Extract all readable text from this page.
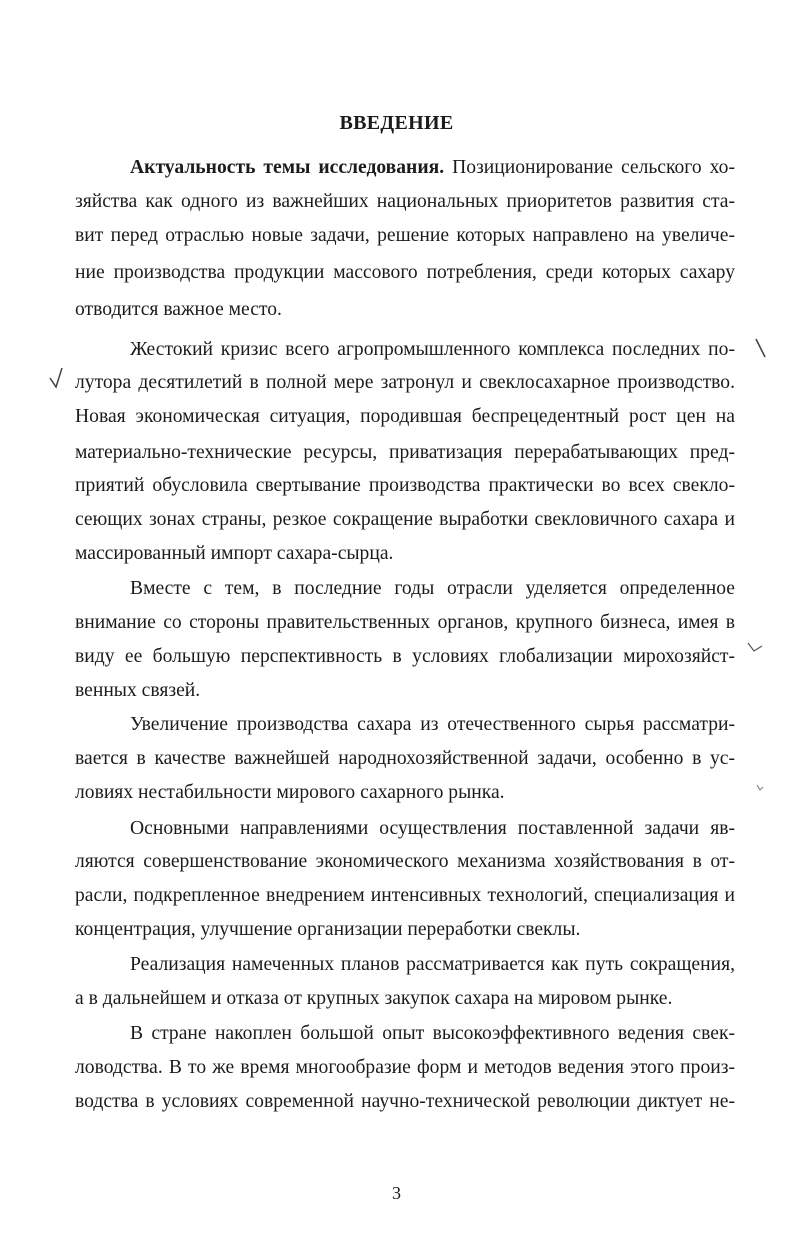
ВВЕДЕНИЕ
Актуальность темы исследования. Позиционирование сельского хо-
зяйства как одного из важнейших национальных приоритетов развития ста-
вит перед отраслью новые задачи, решение которых направлено на увеличе-
ние производства продукции массового потребления, среди которых сахару
отводится важное место.
Жестокий кризис всего агропромышленного комплекса последних по-
лутора десятилетий в полной мере затронул и свеклосахарное производство.
Новая экономическая ситуация, породившая беспрецедентный рост цен на
материально-технические ресурсы, приватизация перерабатывающих пред-
приятий обусловила свертывание производства практически во всех свекло-
сеющих зонах страны, резкое сокращение выработки свекловичного сахара и
массированный импорт сахара-сырца.
Вместе с тем, в последние годы отрасли уделяется определенное
внимание со стороны правительственных органов, крупного бизнеса, имея в
виду ее большую перспективность в условиях глобализации мирохозяйст-
венных связей.
Увеличение производства сахара из отечественного сырья рассматри-
вается в качестве важнейшей народнохозяйственной задачи, особенно в ус-
ловиях нестабильности мирового сахарного рынка.
Основными направлениями осуществления поставленной задачи яв-
ляются совершенствование экономического механизма хозяйствования в от-
расли, подкрепленное внедрением интенсивных технологий, специализация и
концентрация, улучшение организации переработки свеклы.
Реализация намеченных планов рассматривается как путь сокращения,
а в дальнейшем и отказа от крупных закупок сахара на мировом рынке.
В стране накоплен большой опыт высокоэффективного ведения свек-
ловодства. В то же время многообразие форм и методов ведения этого произ-
водства в условиях современной научно-технической революции диктует не-
3
